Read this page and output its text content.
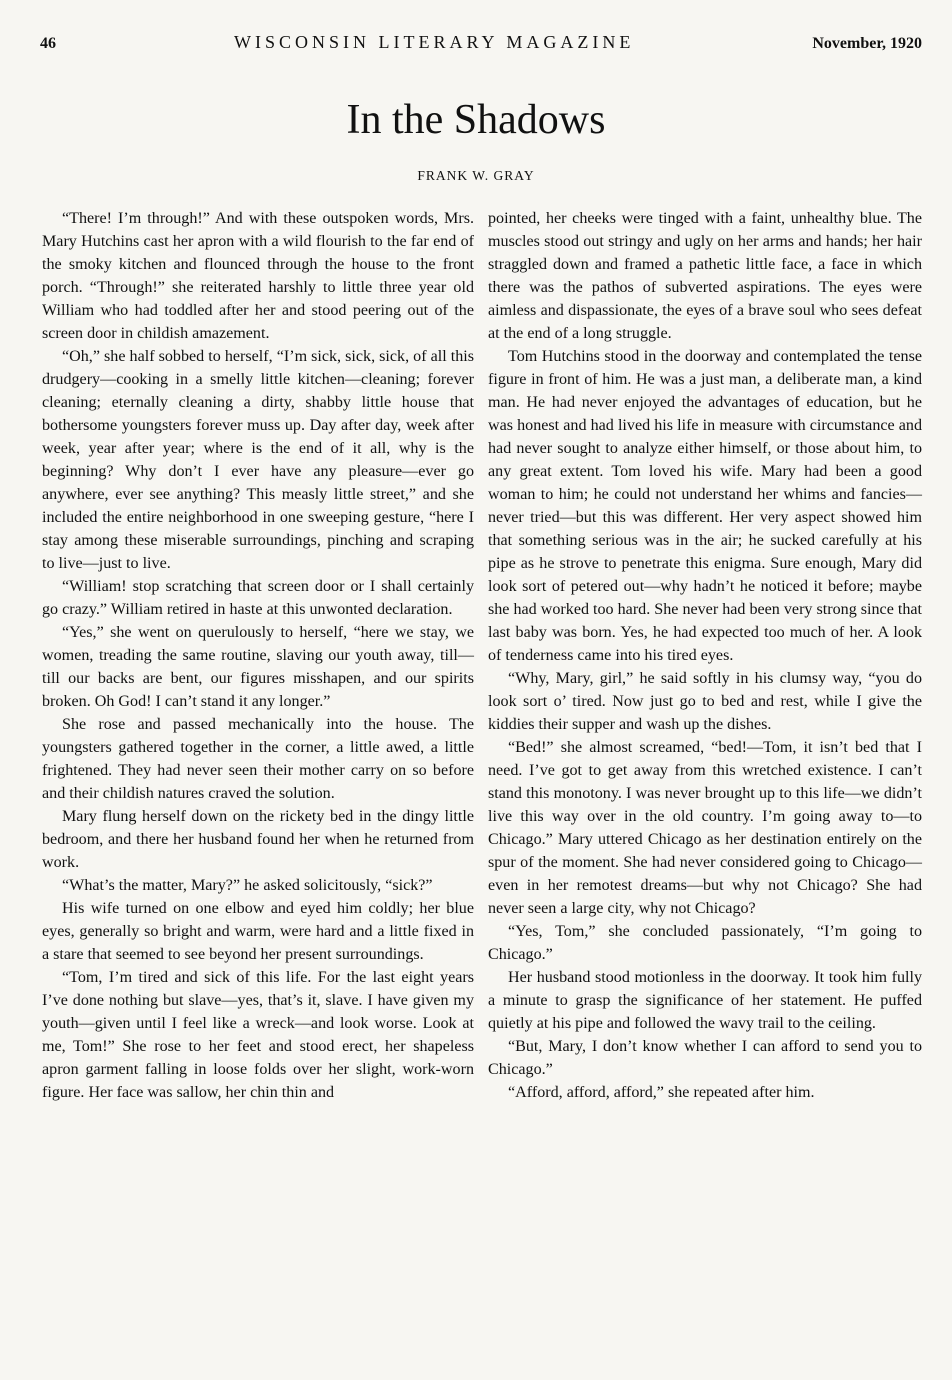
46	WISCONSIN LITERARY MAGAZINE	November, 1920
In the Shadows
FRANK W. GRAY

“There! I’m through!” And with these outspoken words, Mrs. Mary Hutchins cast her apron with a wild flourish to the far end of the smoky kitchen and flounced through the house to the front porch. “Through!” she reiterated harshly to little three year old William who had toddled after her and stood peering out of the screen door in childish amazement.

“Oh,” she half sobbed to herself, “I’m sick, sick, sick, of all this drudgery—cooking in a smelly little kitchen—cleaning; forever cleaning; eternally cleaning a dirty, shabby little house that bothersome youngsters forever muss up. Day after day, week after week, year after year; where is the end of it all, why is the beginning? Why don’t I ever have any pleasure—ever go anywhere, ever see anything? This measly little street,” and she included the entire neighborhood in one sweeping gesture, “here I stay among these miserable surroundings, pinching and scraping to live—just to live.

“William! stop scratching that screen door or I shall certainly go crazy.” William retired in haste at this unwonted declaration.

“Yes,” she went on querulously to herself, “here we stay, we women, treading the same routine, slaving our youth away, till—till our backs are bent, our figures misshapen, and our spirits broken. Oh God! I can’t stand it any longer.”

She rose and passed mechanically into the house. The youngsters gathered together in the corner, a little awed, a little frightened. They had never seen their mother carry on so before and their childish natures craved the solution.

Mary flung herself down on the rickety bed in the dingy little bedroom, and there her husband found her when he returned from work.

“What’s the matter, Mary?” he asked solicitously, “sick?”

His wife turned on one elbow and eyed him coldly; her blue eyes, generally so bright and warm, were hard and a little fixed in a stare that seemed to see beyond her present surroundings.

“Tom, I’m tired and sick of this life. For the last eight years I’ve done nothing but slave—yes, that’s it, slave. I have given my youth—given until I feel like a wreck—and look worse. Look at me, Tom!” She rose to her feet and stood erect, her shapeless apron garment falling in loose folds over her slight, work-worn figure. Her face was sallow, her chin thin and

pointed, her cheeks were tinged with a faint, unhealthy blue. The muscles stood out stringy and ugly on her arms and hands; her hair straggled down and framed a pathetic little face, a face in which there was the pathos of subverted aspirations. The eyes were aimless and dispassionate, the eyes of a brave soul who sees defeat at the end of a long struggle.

Tom Hutchins stood in the doorway and contemplated the tense figure in front of him. He was a just man, a deliberate man, a kind man. He had never enjoyed the advantages of education, but he was honest and had lived his life in measure with circumstance and had never sought to analyze either himself, or those about him, to any great extent. Tom loved his wife. Mary had been a good woman to him; he could not understand her whims and fancies—never tried—but this was different. Her very aspect showed him that something serious was in the air; he sucked carefully at his pipe as he strove to penetrate this enigma. Sure enough, Mary did look sort of petered out—why hadn’t he noticed it before; maybe she had worked too hard. She never had been very strong since that last baby was born. Yes, he had expected too much of her. A look of tenderness came into his tired eyes.

“Why, Mary, girl,” he said softly in his clumsy way, “you do look sort o’ tired. Now just go to bed and rest, while I give the kiddies their supper and wash up the dishes.

“Bed!” she almost screamed, “bed!—Tom, it isn’t bed that I need. I’ve got to get away from this wretched existence. I can’t stand this monotony. I was never brought up to this life—we didn’t live this way over in the old country. I’m going away to—to Chicago.” Mary uttered Chicago as her destination entirely on the spur of the moment. She had never considered going to Chicago—even in her remotest dreams—but why not Chicago? She had never seen a large city, why not Chicago?

“Yes, Tom,” she concluded passionately, “I’m going to Chicago.”

Her husband stood motionless in the doorway. It took him fully a minute to grasp the significance of her statement. He puffed quietly at his pipe and followed the wavy trail to the ceiling.

“But, Mary, I don’t know whether I can afford to send you to Chicago.”

“Afford, afford, afford,” she repeated after him.
